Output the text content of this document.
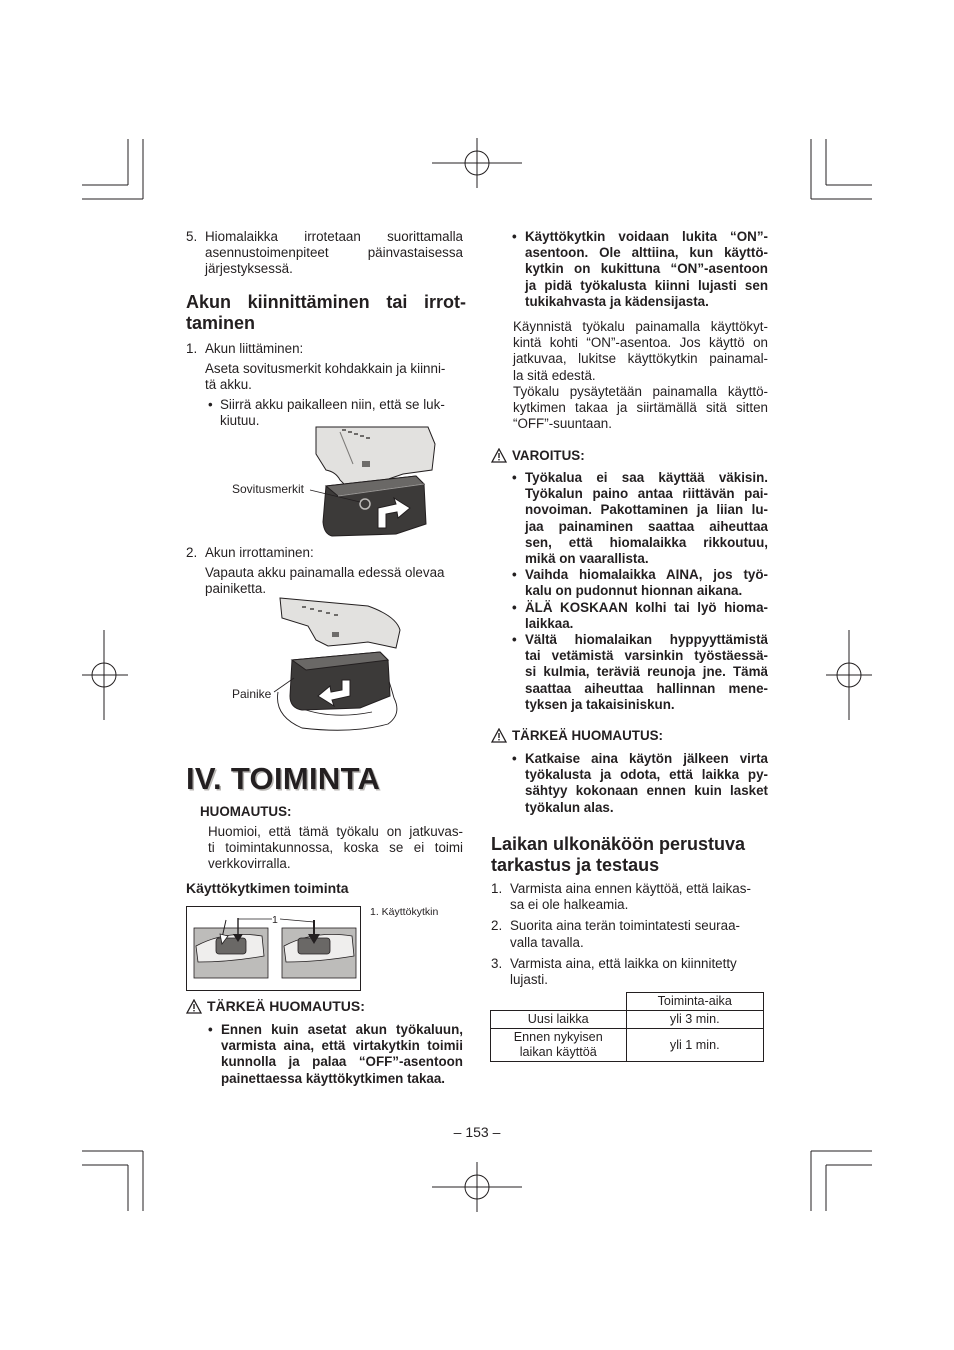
5. Hiomalaikka irrotetaan suorittamalla
asennustoimenpiteet päinvastaisessa
järjestyksessä.
Akun kiinnittäminen tai irrot-
taminen
1. Akun liittäminen:
Aseta sovitusmerkit kohdakkain ja kiinni-
tä akku.
• Siirrä akku paikalleen niin, että se luk-
kiutuu.
Sovitusmerkit
2. Akun irrottaminen:
Vapauta akku painamalla edessä olevaa
painiketta.
Painike
IV. TOIMINTA
HUOMAUTUS:
Huomioi, että tämä työkalu on jatkuvas-
ti toimintakunnossa, koska se ei toimi
verkkovirralla.
Käyttökytkimen toiminta
1
1. Käyttökytkin
TÄRKEÄ HUOMAUTUS:
• Ennen kuin asetat akun työkaluun,
varmista aina, että virtakytkin toimii
kunnolla ja palaa “OFF”-asentoon
painettaessa käyttökytkimen takaa.
• Käyttökytkin voidaan lukita “ON”-
asentoon. Ole alttiina, kun käyttö-
kytkin on kukittuna “ON”-asentoon
ja pidä työkalusta kiinni lujasti sen
tukikahvasta ja kädensijasta.
Käynnistä työkalu painamalla käyttökyt-
kintä kohti “ON”-asentoa. Jos käyttö on
jatkuvaa, lukitse käyttökytkin painamal-
la sitä edestä.
Työkalu pysäytetään painamalla käyttö-
kytkimen takaa ja siirtämällä sitä sitten
“OFF”-suuntaan.
VAROITUS:
• Työkalua ei saa käyttää väkisin.
Työkalun paino antaa riittävän pai-
novoiman. Pakottaminen ja liian lu-
jaa painaminen saattaa aiheuttaa
sen, että hiomalaikka rikkoutuu,
mikä on vaarallista.
• Vaihda hiomalaikka AINA, jos työ-
kalu on pudonnut hionnan aikana.
• ÄLÄ KOSKAAN kolhi tai lyö hioma-
laikkaa.
• Vältä hiomalaikan hyppyyttämistä
tai vetämistä varsinkin työstäessä-
si kulmia, teräviä reunoja jne. Tämä
saattaa aiheuttaa hallinnan mene-
tyksen ja takaisiniskun.
TÄRKEÄ HUOMAUTUS:
• Katkaise aina käytön jälkeen virta
työkalusta ja odota, että laikka py-
sähtyy kokonaan ennen kuin lasket
työkalun alas.
Laikan ulkonäköön perustuva
tarkastus ja testaus
1. Varmista aina ennen käyttöä, että laikas-
sa ei ole halkeamia.
2. Suorita aina terän toimintatesti seuraa-
valla tavalla.
3. Varmista aina, että laikka on kiinnitetty
lujasti.
	Toiminta-aika
Uusi laikka	yli 3 min.

Ennen nykyisen
laikan käyttöä	yli 1 min.
– 153 –
